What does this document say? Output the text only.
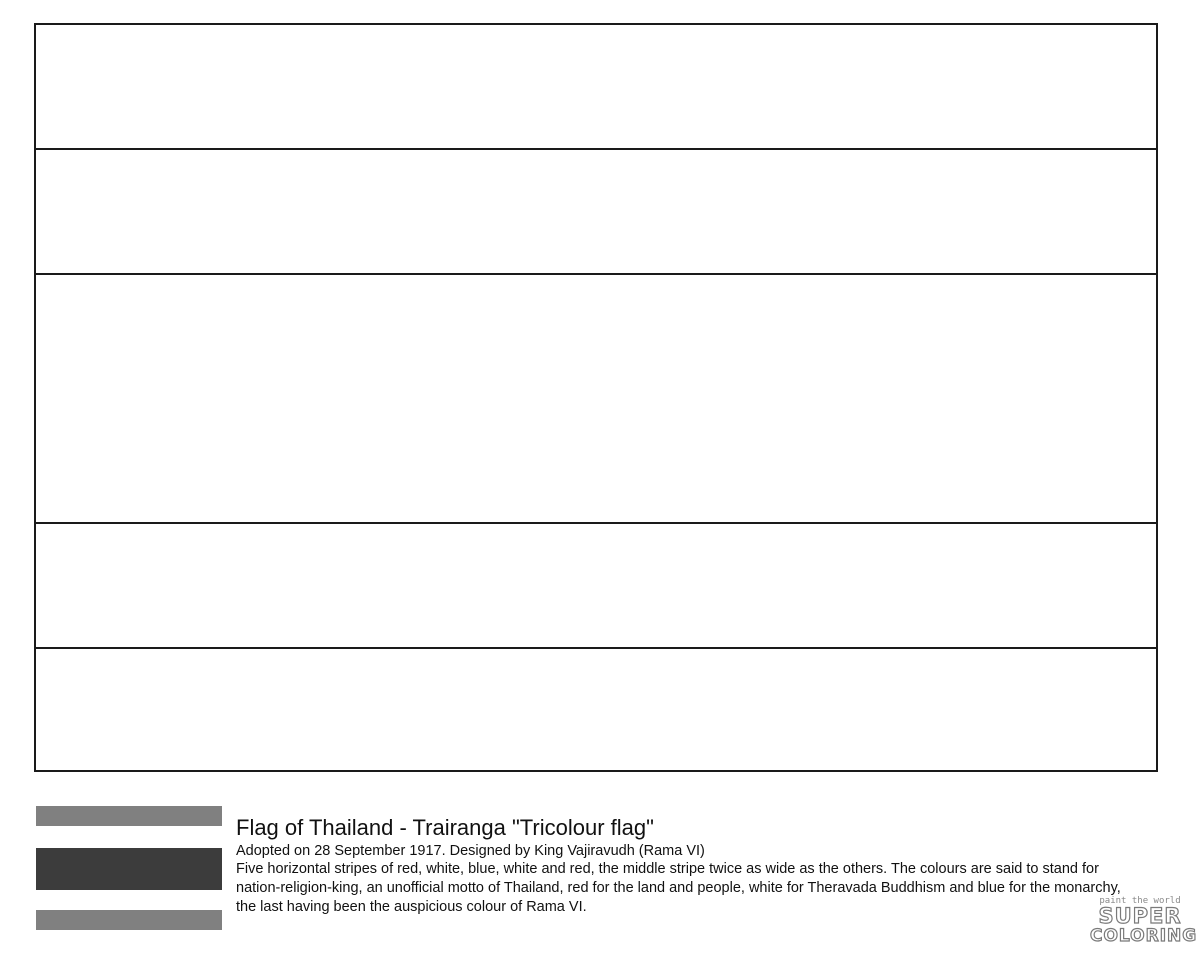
Flag of Thailand - Trairanga "Tricolour flag"
Adopted on 28 September 1917. Designed by King Vajiravudh (Rama VI)
Five horizontal stripes of red, white, blue, white and red, the middle stripe twice as wide as the others. The colours are said to stand for nation-religion-king, an unofficial motto of Thailand, red for the land and people, white for Theravada Buddhism and blue for the monarchy, the last having been the auspicious colour of Rama VI.	paint the world
SUPER
COLORING
